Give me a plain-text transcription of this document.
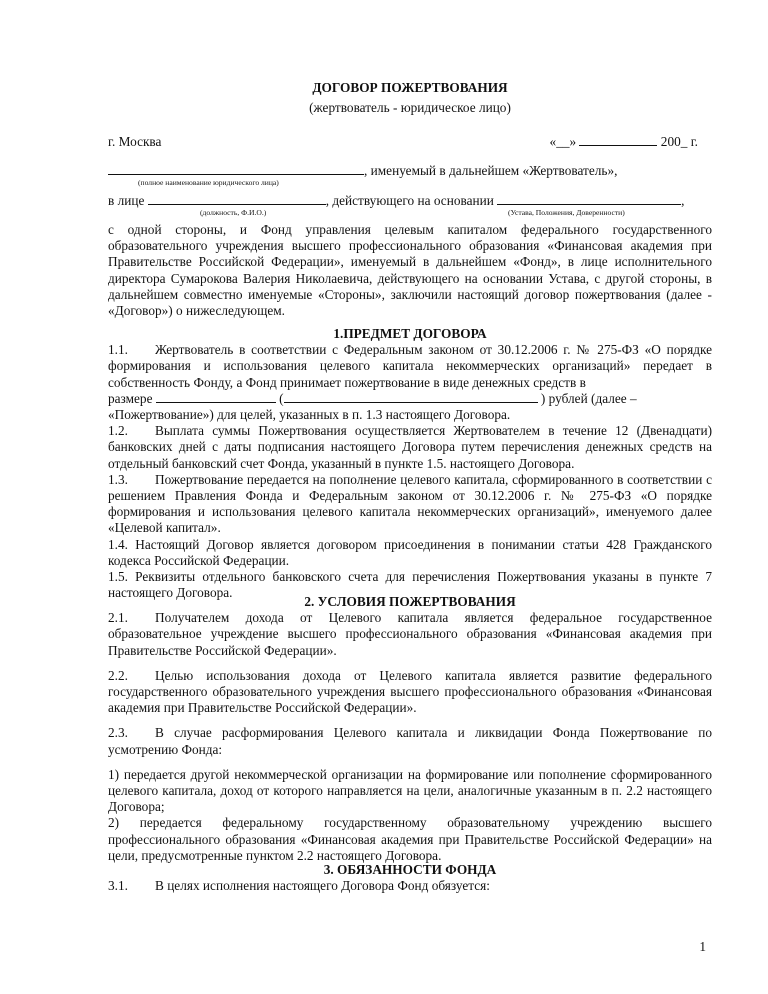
ДОГОВОР ПОЖЕРТВОВАНИЯ
(жертвователь - юридическое лицо)
г. Москва	«__»	200_ г.
, именуемый в дальнейшем «Жертвователь»,
(полное наименование юридического лица)
в лице	, действующего на основании	,
(должность, Ф.И.О.)	(Устава, Положения, Доверенности)

с одной стороны, и Фонд управления целевым капиталом федерального государственного образовательного учреждения высшего профессионального образования «Финансовая академия при Правительстве Российской Федерации», именуемый в дальнейшем «Фонд», в лице исполнительного директора Сумарокова Валерия Николаевича, действующего на основании Устава, с другой стороны, в дальнейшем совместно именуемые «Стороны», заключили настоящий договор пожертвования (далее - «Договор») о нижеследующем.

1.ПРЕДМЕТ ДОГОВОРА

1.1. Жертвователь в соответствии с Федеральным законом от 30.12.2006 г. № 275-ФЗ «О порядке формирования и использования целевого капитала некоммерческих организаций» передает в собственность Фонду, а Фонд принимает пожертвование в виде денежных средств в

размере	(	) рублей (далее –

«Пожертвование») для целей, указанных в п. 1.3 настоящего Договора.

1.2. Выплата суммы Пожертвования осуществляется Жертвователем в течение 12 (Двенадцати) банковских дней с даты подписания настоящего Договора путем перечисления денежных средств на отдельный банковский счет Фонда, указанный в пункте 1.5. настоящего Договора.

1.3. Пожертвование передается на пополнение целевого капитала, сформированного в соответствии с решением Правления Фонда и Федеральным законом от 30.12.2006 г. № 275-ФЗ «О порядке формирования и использования целевого капитала некоммерческих организаций», именуемого далее «Целевой капитал».

1.4. Настоящий Договор является договором присоединения в понимании статьи 428 Гражданского кодекса Российской Федерации.

1.5. Реквизиты отдельного банковского счета для перечисления Пожертвования указаны в пункте 7 настоящего Договора.

2. УСЛОВИЯ ПОЖЕРТВОВАНИЯ

2.1. Получателем дохода от Целевого капитала является федеральное государственное образовательное учреждение высшего профессионального образования «Финансовая академия при Правительстве Российской Федерации».

2.2. Целью использования дохода от Целевого капитала является развитие федерального государственного образовательного учреждения высшего профессионального образования «Финансовая академия при Правительстве Российской Федерации».

2.3. В случае расформирования Целевого капитала и ликвидации Фонда Пожертвование по усмотрению Фонда:

1) передается другой некоммерческой организации на формирование или пополнение сформированного целевого капитала, доход от которого направляется на цели, аналогичные указанным в п. 2.2 настоящего Договора;

2) передается федеральному государственному образовательному учреждению высшего профессионального образования «Финансовая академия при Правительстве Российской Федерации» на цели, предусмотренные пунктом 2.2 настоящего Договора.

3. ОБЯЗАННОСТИ ФОНДА

3.1. В целях исполнения настоящего Договора Фонд обязуется:

1
